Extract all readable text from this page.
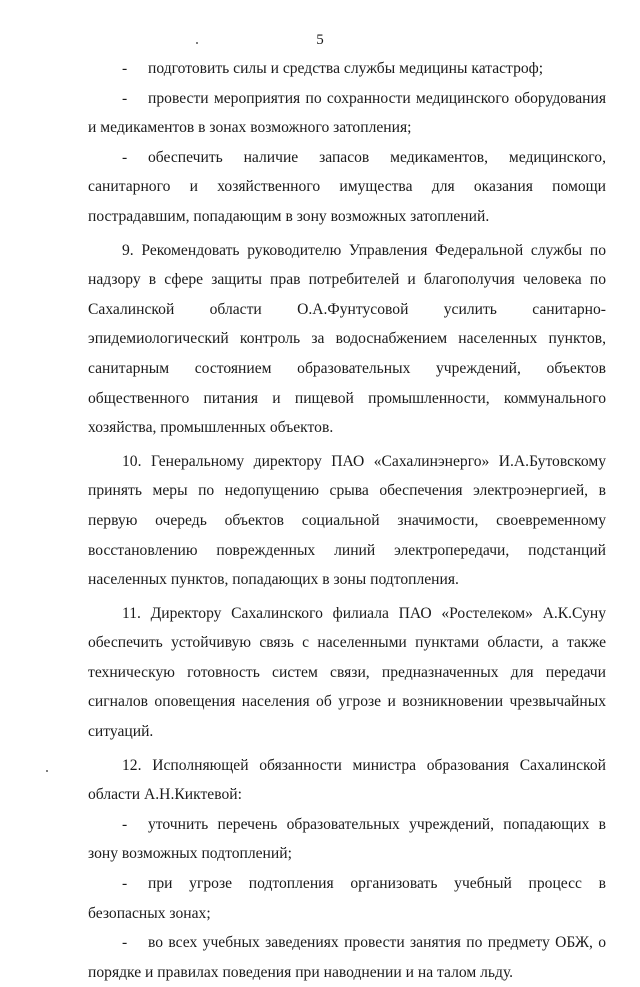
5

- подготовить силы и средства службы медицины катастроф;

- провести мероприятия по сохранности медицинского оборудования и медикаментов в зонах возможного затопления;

- обеспечить наличие запасов медикаментов, медицинского, санитарного и хозяйственного имущества для оказания помощи пострадавшим, попадающим в зону возможных затоплений.

9. Рекомендовать руководителю Управления Федеральной службы по надзору в сфере защиты прав потребителей и благополучия человека по Сахалинской области О.А.Фунтусовой усилить санитарно-эпидемиологический контроль за водоснабжением населенных пунктов, санитарным состоянием образовательных учреждений, объектов общественного питания и пищевой промышленности, коммунального хозяйства, промышленных объектов.

10. Генеральному директору ПАО «Сахалинэнерго» И.А.Бутовскому принять меры по недопущению срыва обеспечения электроэнергией, в первую очередь объектов социальной значимости, своевременному восстановлению поврежденных линий электропередачи, подстанций населенных пунктов, попадающих в зоны подтопления.

11. Директору Сахалинского филиала ПАО «Ростелеком» А.К.Суну обеспечить устойчивую связь с населенными пунктами области, а также техническую готовность систем связи, предназначенных для передачи сигналов оповещения населения об угрозе и возникновении чрезвычайных ситуаций.

12. Исполняющей обязанности министра образования Сахалинской области А.Н.Киктевой:

- уточнить перечень образовательных учреждений, попадающих в зону возможных подтоплений;

- при угрозе подтопления организовать учебный процесс в безопасных зонах;

- во всех учебных заведениях провести занятия по предмету ОБЖ, о порядке и правилах поведения при наводнении и на талом льду.
